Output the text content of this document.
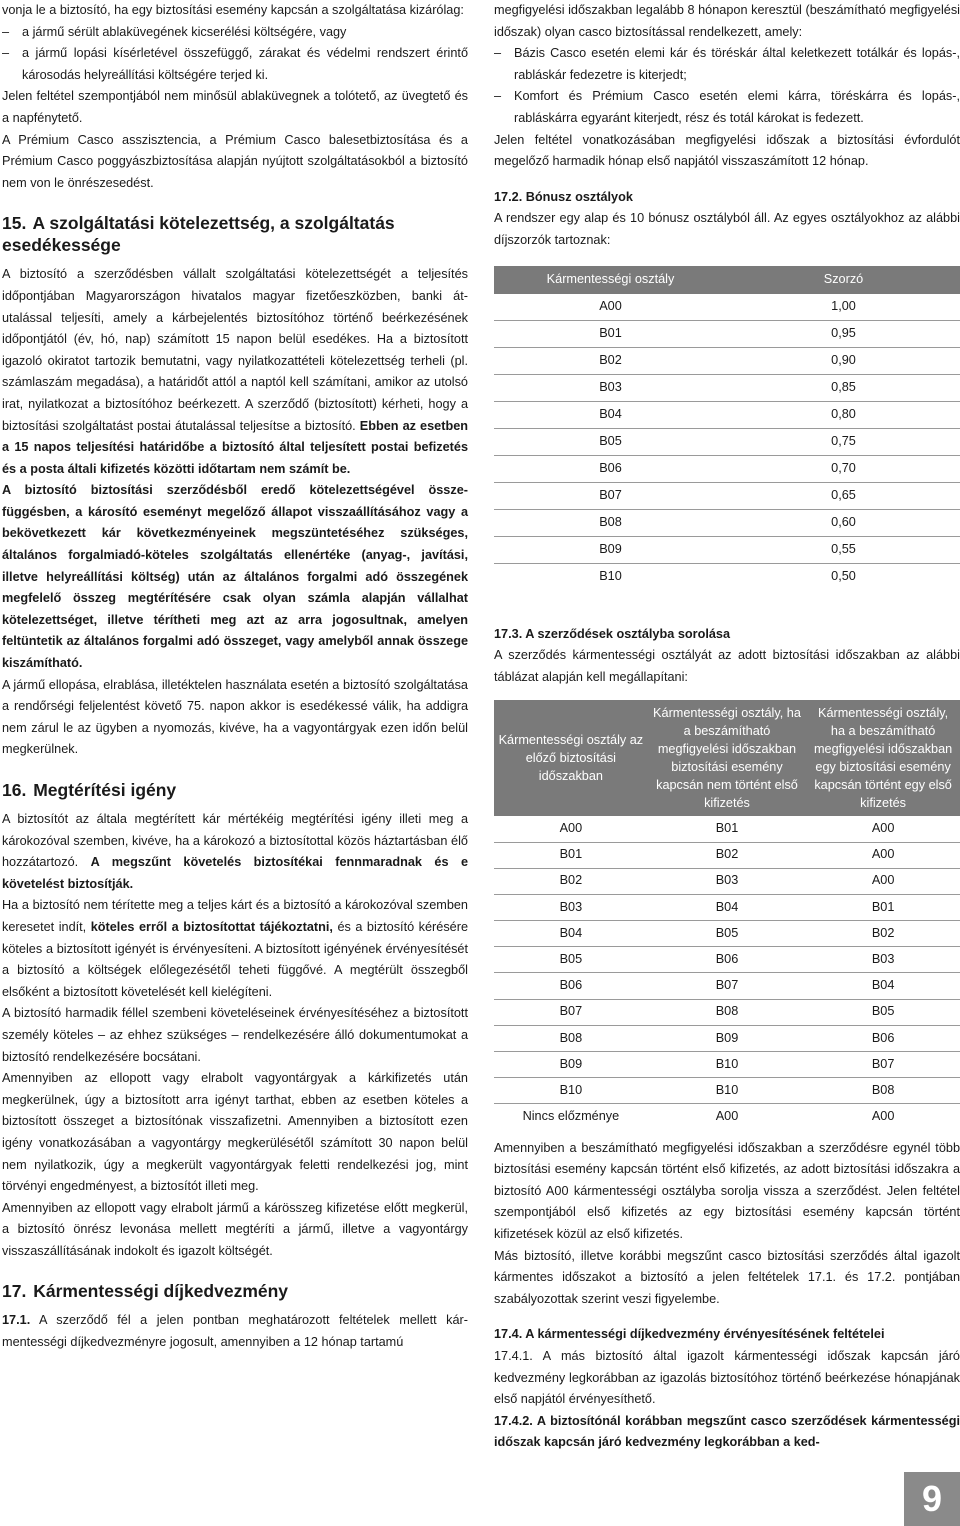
vonja le a biztosító, ha egy biztosítási esemény kapcsán a szolgáltatása kizárólag:

–	a jármű sérült ablaküvegének kicserélési költségére, vagy
–	a jármű lopási kísérletével összefüggő, zárakat és védelmi rendszert érintő károsodás helyreállítási költségére terjed ki.

Jelen feltétel szempontjából nem minősül ablaküvegnek a tolótető, az üvegtető és a napfénytető.

A Prémium Casco asszisztencia, a Prémium Casco balesetbiztosítása és a Prémium Casco poggyászbiztosítása alapján nyújtott szolgáltatásokból a biztosító nem von le önrészesedést.

15. A szolgáltatási kötelezettség, a szolgáltatás esedékessége

A biztosító a szerződésben vállalt szolgáltatási kötelezettségét a teljesítés időpontjában Magyarországon hivatalos magyar fizetőeszközben, banki átutalással teljesíti, amely a kárbejelentés biztosítóhoz történő beérkezésének időpontjától (év, hó, nap) számított 15 napon belül esedékes. Ha a biztosított igazoló okiratot tartozik bemutatni, vagy nyilatkozattételi kötelezettség terheli (pl. számlaszám megadása), a határidőt attól a naptól kell számítani, amikor az utolsó irat, nyilatkozat a biztosítóhoz beérkezett. A szerződő (biztosított) kérheti, hogy a biztosítási szolgáltatást postai átutalással teljesítse a biztosító. Ebben az esetben a 15 napos teljesítési határidőbe a biztosító által teljesített postai befizetés és a posta általi kifizetés közötti időtartam nem számít be.

A biztosító biztosítási szerződésből eredő kötelezettségével összefüggésben, a károsító eseményt megelőző állapot visszaállításához vagy a bekövetkezett kár következményeinek megszüntetéséhez szükséges, általános forgalmiadó-köteles szolgáltatás ellenértéke (anyag-, javítási, illetve helyreállítási költség) után az általános forgalmi adó összegének megfelelő összeg megtérítésére csak olyan számla alapján vállalhat kötelezettséget, illetve térítheti meg azt az arra jogosultnak, amelyen feltüntetik az általános forgalmi adó összeget, vagy amelyből annak összege kiszámítható.

A jármű ellopása, elrablása, illetéktelen használata esetén a biztosító szolgáltatása a rendőrségi feljelentést követő 75. napon akkor is esedékessé válik, ha addigra nem zárul le az ügyben a nyomozás, kivéve, ha a vagyontárgyak ezen időn belül megkerülnek.

16. Megtérítési igény

A biztosítót az általa megtérített kár mértékéig megtérítési igény illeti meg a károkozóval szemben, kivéve, ha a károkozó a biztosítottal közös háztartásban élő hozzátartozó. A megszűnt követelés biztosítékai fennmaradnak és e követelést biztosítják.

Ha a biztosító nem térítette meg a teljes kárt és a biztosító a károkozóval szemben keresetet indít, köteles erről a biztosítottat tájékoztatni, és a biztosító kérésére köteles a biztosított igényét is érvényesíteni. A biztosított igényének érvényesítését a biztosító a költségek előlegezésétől teheti függővé. A megtérült összegből elsőként a biztosított követelését kell kielégíteni.

A biztosító harmadik féllel szembeni követeléseinek érvényesítéséhez a biztosított személy köteles – az ehhez szükséges – rendelkezésére álló dokumentumokat a biztosító rendelkezésére bocsátani.

Amennyiben az ellopott vagy elrabolt vagyontárgyak a kárkifizetés után megkerülnek, úgy a biztosított arra igényt tarthat, ebben az esetben köteles a biztosított összeget a biztosítónak visszafizetni. Amennyiben a biztosított ezen igény vonatkozásában a vagyontárgy megkerülésétől számított 30 napon belül nem nyilatkozik, úgy a megkerült vagyontárgyak feletti rendelkezési jog, mint törvényi engedményest, a biztosítót illeti meg.

Amennyiben az ellopott vagy elrabolt jármű a kárösszeg kifizetése előtt megkerül, a biztosító önrész levonása mellett megtéríti a jármű, illetve a vagyontárgy visszaszállításának indokolt és igazolt költségét.

17. Kármentességi díjkedvezmény

17.1. A szerződő fél a jelen pontban meghatározott feltételek mellett kármentességi díjkedvezményre jogosult, amennyiben a 12 hónap tartamú

megfigyelési időszakban legalább 8 hónapon keresztül (beszámítható megfigyelési időszak) olyan casco biztosítással rendelkezett, amely:

–	Bázis Casco esetén elemi kár és töréskár által keletkezett totálkár és lopás-, rabláskár fedezetre is kiterjedt;
–	Komfort és Prémium Casco esetén elemi kárra, töréskárra és lopás-, rabláskárra egyaránt kiterjedt, rész és totál károkat is fedezett.

Jelen feltétel vonatkozásában megfigyelési időszak a biztosítási évfordulót megelőző harmadik hónap első napjától visszaszámított 12 hónap.

17.2. Bónusz osztályok

A rendszer egy alap és 10 bónusz osztályból áll. Az egyes osztályokhoz az alábbi díjszorzók tartoznak:

Kármentességi osztály	Szorzó
A00	1,00
B01	0,95
B02	0,90
B03	0,85
B04	0,80
B05	0,75
B06	0,70
B07	0,65
B08	0,60
B09	0,55
B10	0,50
17.3. A szerződések osztályba sorolása

A szerződés kármentességi osztályát az adott biztosítási időszakban az alábbi táblázat alapján kell megállapítani:

Kármentességi osztály az előző biztosítási időszakban	Kármentességi osztály, ha a beszámítható megfigyelési időszakban biztosítási esemény kapcsán nem történt első kifizetés	Kármentességi osztály, ha a beszámítható megfigyelési időszakban egy biztosítási esemény kapcsán történt egy első kifizetés
A00	B01	A00
B01	B02	A00
B02	B03	A00
B03	B04	B01
B04	B05	B02
B05	B06	B03
B06	B07	B04
B07	B08	B05
B08	B09	B06
B09	B10	B07
B10	B10	B08
Nincs előzménye	A00	A00

Amennyiben a beszámítható megfigyelési időszakban a szerződésre egynél több biztosítási esemény kapcsán történt első kifizetés, az adott biztosítási időszakra a biztosító A00 kármentességi osztályba sorolja vissza a szerződést. Jelen feltétel szempontjából első kifizetés az egy biztosítási esemény kapcsán történt kifizetések közül az első kifizetés.

Más biztosító, illetve korábbi megszűnt casco biztosítási szerződés által igazolt kármentes időszakot a biztosító a jelen feltételek 17.1. és 17.2. pontjában szabályozottak szerint veszi figyelembe.

17.4. A kármentességi díjkedvezmény érvényesítésének feltételei

17.4.1. A más biztosító által igazolt kármentességi időszak kapcsán járó kedvezmény legkorábban az igazolás biztosítóhoz történő beérkezése hónapjának első napjától érvényesíthető.

17.4.2. A biztosítónál korábban megszűnt casco szerződések kármentességi időszak kapcsán járó kedvezmény legkorábban a ked-

9
